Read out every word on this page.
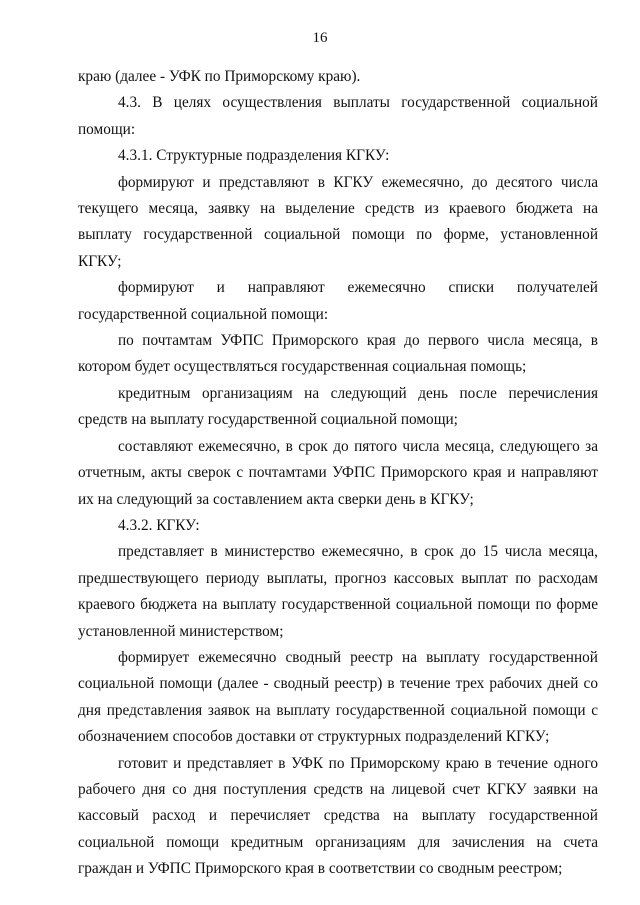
16

краю (далее - УФК по Приморскому краю).

4.3. В целях осуществления выплаты государственной социальной помощи:

4.3.1. Структурные подразделения КГКУ:

формируют и представляют в КГКУ ежемесячно, до десятого числа текущего месяца, заявку на выделение средств из краевого бюджета на выплату государственной социальной помощи по форме, установленной КГКУ;

формируют и направляют ежемесячно списки получателей государственной социальной помощи:

по почтамтам УФПС Приморского края до первого числа месяца, в котором будет осуществляться государственная социальная помощь;

кредитным организациям на следующий день после перечисления средств на выплату государственной социальной помощи;

составляют ежемесячно, в срок до пятого числа месяца, следующего за отчетным, акты сверок с почтамтами УФПС Приморского края и направляют их на следующий за составлением акта сверки день в КГКУ;

4.3.2. КГКУ:

представляет в министерство ежемесячно, в срок до 15 числа месяца, предшествующего периоду выплаты, прогноз кассовых выплат по расходам краевого бюджета на выплату государственной социальной помощи по форме установленной министерством;

формирует ежемесячно сводный реестр на выплату государственной социальной помощи (далее - сводный реестр) в течение трех рабочих дней со дня представления заявок на выплату государственной социальной помощи с обозначением способов доставки от структурных подразделений КГКУ;

готовит и представляет в УФК по Приморскому краю в течение одного рабочего дня со дня поступления средств на лицевой счет КГКУ заявки на кассовый расход и перечисляет средства на выплату государственной социальной помощи кредитным организациям для зачисления на счета граждан и УФПС Приморского края в соответствии со сводным реестром;
